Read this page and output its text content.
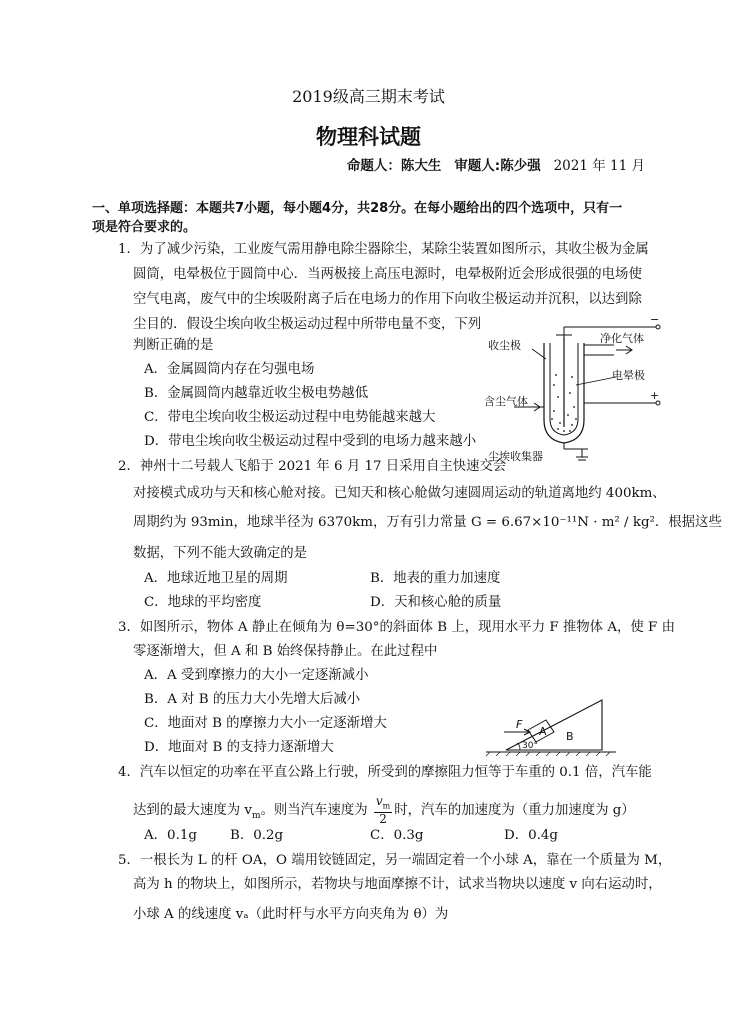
2019级高三期末考试
物理科试题
命题人：陈大生 审题人:陈少强 2021 年 11 月
一、单项选择题：本题共7小题，每小题4分，共28分。在每小题给出的四个选项中，只有一
项是符合要求的。
1．为了减少污染，工业废气需用静电除尘器除尘，某除尘装置如图所示，其收尘极为金属
圆筒，电晕极位于圆筒中心．当两极接上高压电源时，电晕极附近会形成很强的电场使
空气电离，废气中的尘埃吸附离子后在电场力的作用下向收尘极运动并沉积，以达到除
尘目的．假设尘埃向收尘极运动过程中所带电量不变，下列
判断正确的是
A．金属圆筒内存在匀强电场
B．金属圆筒内越靠近收尘极电势越低
C．带电尘埃向收尘极运动过程中电势能越来越大
D．带电尘埃向收尘极运动过程中受到的电场力越来越小
收尘极
净化气体
电晕极
含尘气体
尘埃收集器
−
+
2．神州十二号载人飞船于 2021 年 6 月 17 日采用自主快速交会
对接模式成功与天和核心舱对接。已知天和核心舱做匀速圆周运动的轨道离地约 400km、
周期约为 93min，地球半径为 6370km，万有引力常量 G = 6.67×10⁻¹¹N · m² / kg²．根据这些
数据，下列不能大致确定的是
A．地球近地卫星的周期	B．地表的重力加速度
C．地球的平均密度	D．天和核心舱的质量
3．如图所示，物体 A 静止在倾角为 θ=30°的斜面体 B 上，现用水平力 F 推物体 A，使 F 由
零逐渐增大，但 A 和 B 始终保持静止。在此过程中
A．A 受到摩擦力的大小一定逐渐减小
B．A 对 B 的压力大小先增大后减小
C．地面对 B 的摩擦力大小一定逐渐增大
D．地面对 B 的支持力逐渐增大
F
A B
30°
4．汽车以恒定的功率在平直公路上行驶，所受到的摩擦阻力恒等于车重的 0.1 倍，汽车能
达到的最大速度为 $v_m$。则当汽车速度为 $\frac{v_m}{2}$ 时，汽车的加速度为（重力加速度为 g）
A．0.1g B．0.2g	C．0.3g	D．0.4g
5．一根长为 L 的杆 OA，O 端用铰链固定，另一端固定着一个小球 A，靠在一个质量为 M，
高为 h 的物块上，如图所示，若物块与地面摩擦不计，试求当物块以速度 v 向右运动时，
小球 A 的线速度 vₐ（此时杆与水平方向夹角为 θ）为
